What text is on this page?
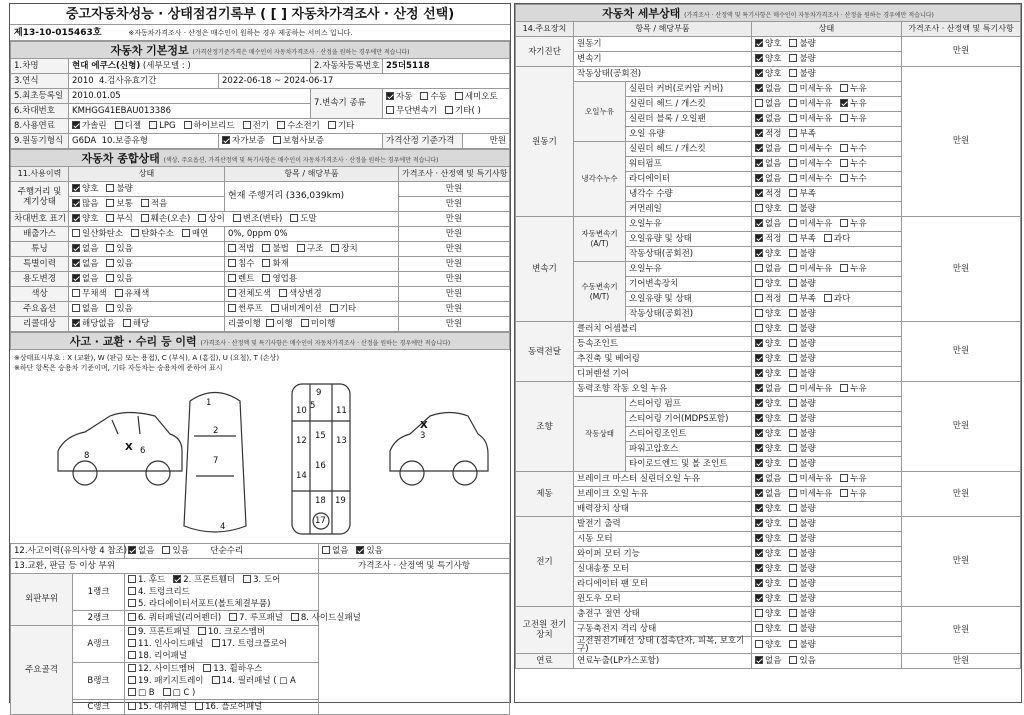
중고자동차성능 · 상태점검기록부 ( [ ] 자동차가격조사 · 산정 선택)
제13-10-015463호	※자동차가격조사 · 산정은 매수인이 원하는 경우 제공하는 서비스 입니다.
자동차 기본정보 (가격산정기준가격은 매수인이 자동차가격조사 · 산정을 원하는 경우에만 적습니다)					
1.차명	현대 에쿠스(신형) (세부모델 : )		2.자동차등록번호	25더5118	
3.연식	2010 4.검사유효기간	2022-06-18 ~ 2024-06-17			
5.최초등록일	2010.01.05		7.변속기 종류	자동 수동 세미오토
무단변속기 기타( )	
6.차대번호	KMHGG41EBAU013386				
8.사용연료	가솔린 디젤 LPG 하이브리드 전기 수소전기 기타				
9.원동기형식	G6DA 10.보증유형	자가보증 보험사보증		가격산정 기준가격	만원
자동차 종합상태 (색상, 주요옵션, 가격산정액 및 특기사항은 매수인이 자동차가격조사 · 산정을 원하는 경우에만 적습니다)			
11.사용이력	상태	항목 / 해당부품	가격조사 · 산정액 및 특기사항
주행거리 및 계기상태	양호 불량	현재 주행거리 (336,039km)	만원
	많음 보통 적음		만원
차대번호 표기	양호 부식 훼손(오손) 상이 변조(변타) 도말		만원
배출가스	일산화탄소 탄화수소 매연	0%, 0ppm 0%	만원
튜닝	없음 있음	적법 불법 구조 장치	만원
특별이력	없음 있음	침수 화재	만원
용도변경	없음 있음	렌트 영업용	만원
색상	무채색 유채색	전체도색 색상변경	만원
주요옵션	없음 있음	썬루프 내비게이션 기타	만원
리콜대상	해당없음 해당	리콜이행 이행 미이행	만원
사고 · 교환 · 수리 등 이력 (가격조사 · 산정액 및 특기사항은 매수인이 자동차가격조사 · 산정을 원하는 경우에만 적습니다)
※상태표시부호 : X (교환), W (판금 또는 용접), C (부식), A (흠집), U (요철), T (손상)
※하단 항목은 승용차 기준이며, 기타 자동차는 승용차에 준하여 표시
1
2	3
4
5
6
7
8
9
10	11
12	13
14
15
16
17
18 19
X
X
12.사고이력(유의사항 4 참조)		없음 있음 단순수리	없음 있음
13.교환, 판금 등 이상 부위			가격조사 · 산정액 및 특기사항
외판부위	1랭크	1. 후드 2. 프론트휀더 3. 도어4. 트렁크리드5. 라디에이터서포트(볼트체결부품)	
	2랭크	6. 쿼터패널(리어펜더) 7. 루프패널 8. 사이드실패널	
주요골격	A랭크	9. 프론트패널 10. 크로스멤버11. 인사이드패널 17. 트렁크플로어18. 리어패널	
	B랭크	12. 사이드멤버 13. 휠하우스19. 패키지트레이 14. 필러패널 ( □ A□ B □ C )	
	C랭크	15. 대쉬패널 16. 플로어패널	
자동차 세부상태 (가격조사 · 산정액 및 특기사항은 매수인이 자동차가격조사 · 산정을 원하는 경우에만 적습니다)				
14.주요장치	항목 / 해당부품		상태	가격조사 · 산정액 및 특기사항
자기진단	원동기		양호 불량	만원
	변속기		양호 불량	
원동기	작동상태(공회전)		양호 불량	만원
	오일누유	실린더 커버(로커암 커버)	없음 미세누유 누유	
		실린더 헤드 / 개스킷	없음 미세누유 누유	
		실린더 블록 / 오일팬	없음 미세누유 누유	
		오일 유량	적정 부족	
	냉각수누수	실린더 헤드 / 개스킷	없음 미세누수 누수	
		워터펌프	없음 미세누수 누수	
		라디에이터	없음 미세누수 누수	
		냉각수 수량	적정 부족	
		커먼레일	양호 불량	
변속기	자동변속기 (A/T)	오일누유	없음 미세누유 누유	만원
		오일유량 및 상태	적정 부족 과다	
		작동상태(공회전)	양호 불량	
	수동변속기 (M/T)	오일누유	없음 미세누유 누유	
		기어변속장치	양호 불량	
		오일유량 및 상태	적정 부족 과다	
		작동상태(공회전)	양호 불량	
동력전달	클러치 어셈블리		양호 불량	만원
	등속조인트		양호 불량	
	추진축 및 베어링		양호 불량	
	디퍼렌셜 기어		양호 불량	
조향	동력조향 작동 오일 누유		없음 미세누유 누유	만원
	작동상태	스티어링 펌프	양호 불량	
		스티어링 기어(MDPS포함)	양호 불량	
		스티어링조인트	양호 불량	
		파워고압호스	양호 불량	
		타이로드엔드 및 볼 조인트	양호 불량	
제동	브레이크 마스터 실린더오일 누유		없음 미세누유 누유	만원
	브레이크 오일 누유		없음 미세누유 누유	
	배력장치 상태		양호 불량	
전기	발전기 출력		양호 불량	만원
	시동 모터		양호 불량	
	와이퍼 모터 기능		양호 불량	
	실내송풍 모터		양호 불량	
	라디에이터 팬 모터		양호 불량	
	윈도우 모터		양호 불량	
고전원 전기장치	충전구 절연 상태		양호 불량	만원
	구동축전지 격리 상태		양호 불량	
	고전원전기배선 상태 (접속단자, 피복, 보호기구)		양호 불량	
연료	연료누출(LP가스포함)		없음 있음	만원
